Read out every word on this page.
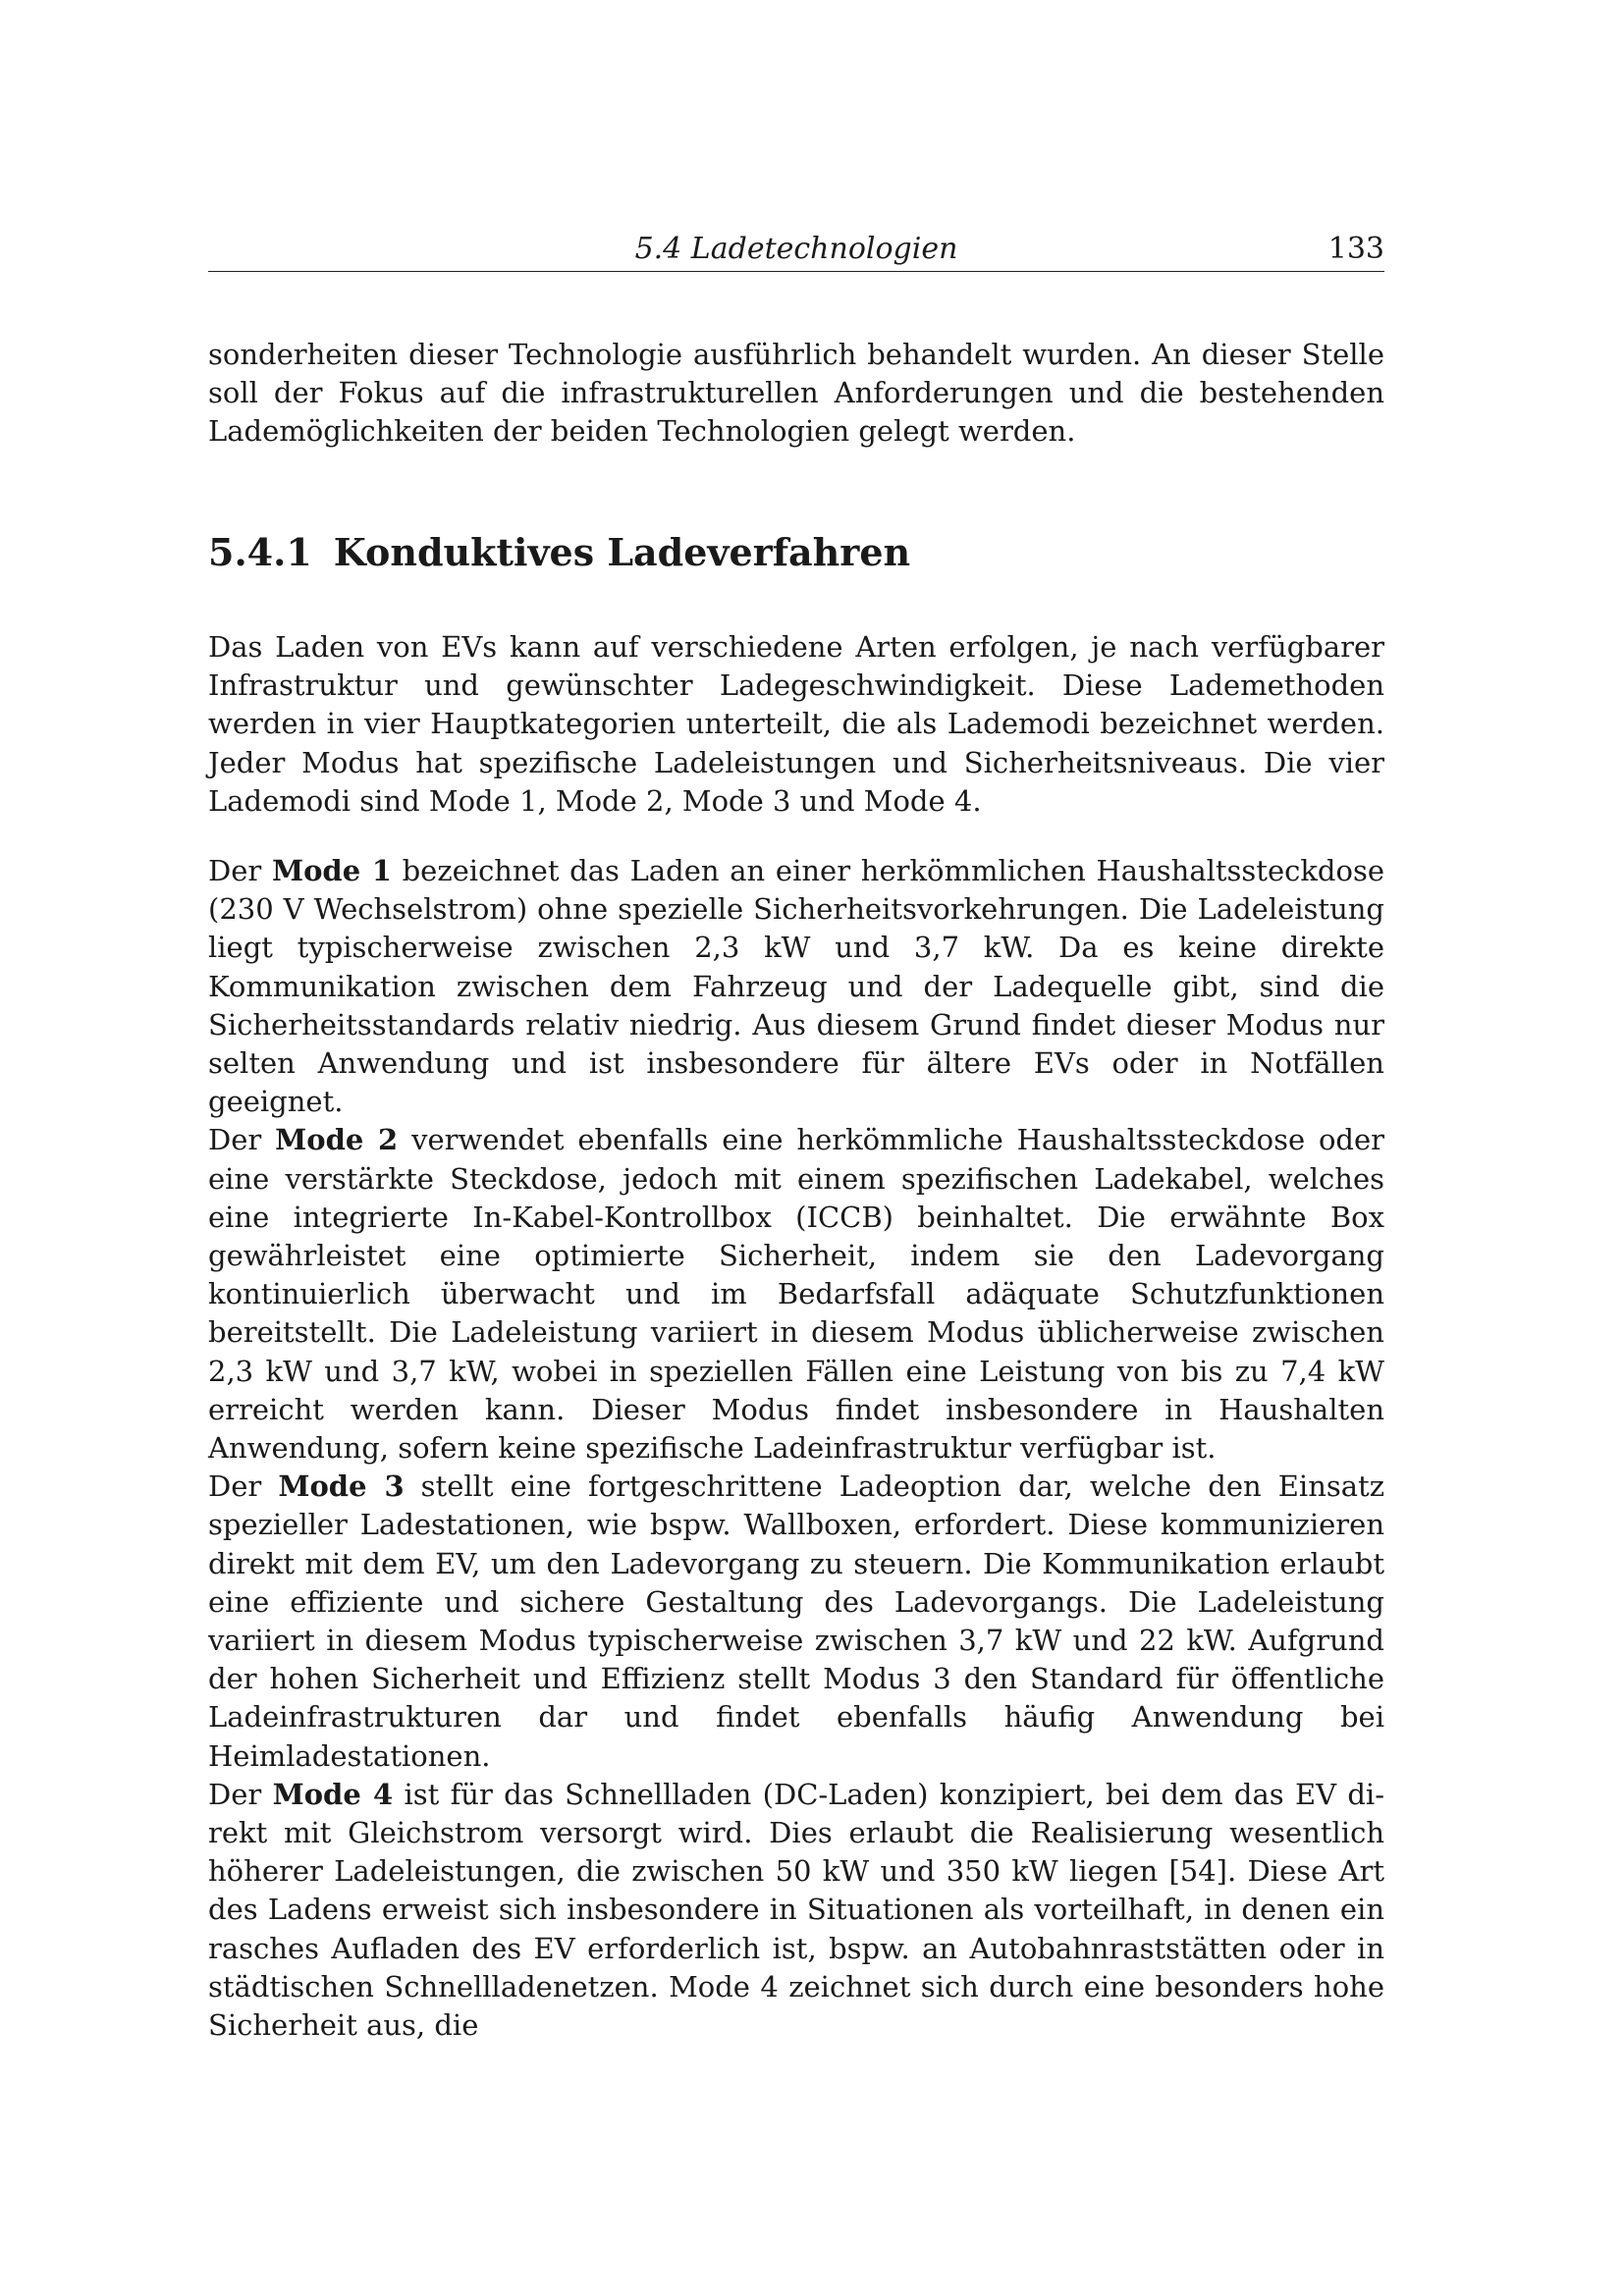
5.4 Ladetechnologien	133

sonderheiten dieser Technologie ausführlich behandelt wurden. An dieser Stelle soll der Fokus auf die infrastrukturellen Anforderungen und die bestehenden Lademöglichkeiten der beiden Technologien gelegt werden.

5.4.1 Konduktives Ladeverfahren

Das Laden von EVs kann auf verschiedene Arten erfolgen, je nach verfügbarer Infrastruktur und gewünschter Ladegeschwindigkeit. Diese Lademethoden werden in vier Hauptkategorien unterteilt, die als Lademodi bezeichnet werden. Jeder Modus hat spezifische Ladeleistungen und Sicherheitsniveaus. Die vier Lademodi sind Mode 1, Mode 2, Mode 3 und Mode 4.

Der Mode 1 bezeichnet das Laden an einer herkömmlichen Haushaltssteckdose (230 V Wechselstrom) ohne spezielle Sicherheitsvorkehrungen. Die Ladeleistung liegt typischerweise zwischen 2,3 kW und 3,7 kW. Da es keine direkte Kommunikation zwischen dem Fahrzeug und der Ladequelle gibt, sind die Sicherheitsstandards relativ niedrig. Aus diesem Grund findet dieser Modus nur selten Anwendung und ist insbesondere für ältere EVs oder in Notfällen geeignet.
Der Mode 2 verwendet ebenfalls eine herkömmliche Haushaltssteckdose oder eine verstärkte Steckdose, jedoch mit einem spezifischen Ladekabel, welches eine integrierte In-Kabel-Kontrollbox (ICCB) beinhaltet. Die erwähnte Box gewährleistet eine optimierte Sicherheit, indem sie den Ladevorgang kontinuierlich überwacht und im Bedarfsfall adäquate Schutzfunktionen bereitstellt. Die Ladeleistung variiert in diesem Modus üblicherweise zwischen 2,3 kW und 3,7 kW, wobei in speziellen Fällen eine Leistung von bis zu 7,4 kW erreicht werden kann. Dieser Modus findet insbesondere in Haushalten Anwendung, sofern keine spezifische Ladeinfrastruktur verfügbar ist.
Der Mode 3 stellt eine fortgeschrittene Ladeoption dar, welche den Einsatz spezieller Ladestationen, wie bspw. Wallboxen, erfordert. Diese kommunizieren direkt mit dem EV, um den Ladevorgang zu steuern. Die Kommunikation erlaubt eine effiziente und sichere Gestaltung des Ladevorgangs. Die Ladeleistung variiert in diesem Modus typischerweise zwischen 3,7 kW und 22 kW. Aufgrund der hohen Sicherheit und Effizienz stellt Modus 3 den Standard für öffentliche Ladeinfrastrukturen dar und findet ebenfalls häufig Anwendung bei Heimladestationen.
Der Mode 4 ist für das Schnellladen (DC-Laden) konzipiert, bei dem das EV direkt mit Gleichstrom versorgt wird. Dies erlaubt die Realisierung wesentlich höherer Ladeleistungen, die zwischen 50 kW und 350 kW liegen [54]. Diese Art des Ladens erweist sich insbesondere in Situationen als vorteilhaft, in denen ein rasches Aufladen des EV erforderlich ist, bspw. an Autobahnraststätten oder in städtischen Schnellladenetzen. Mode 4 zeichnet sich durch eine besonders hohe Sicherheit aus, die
